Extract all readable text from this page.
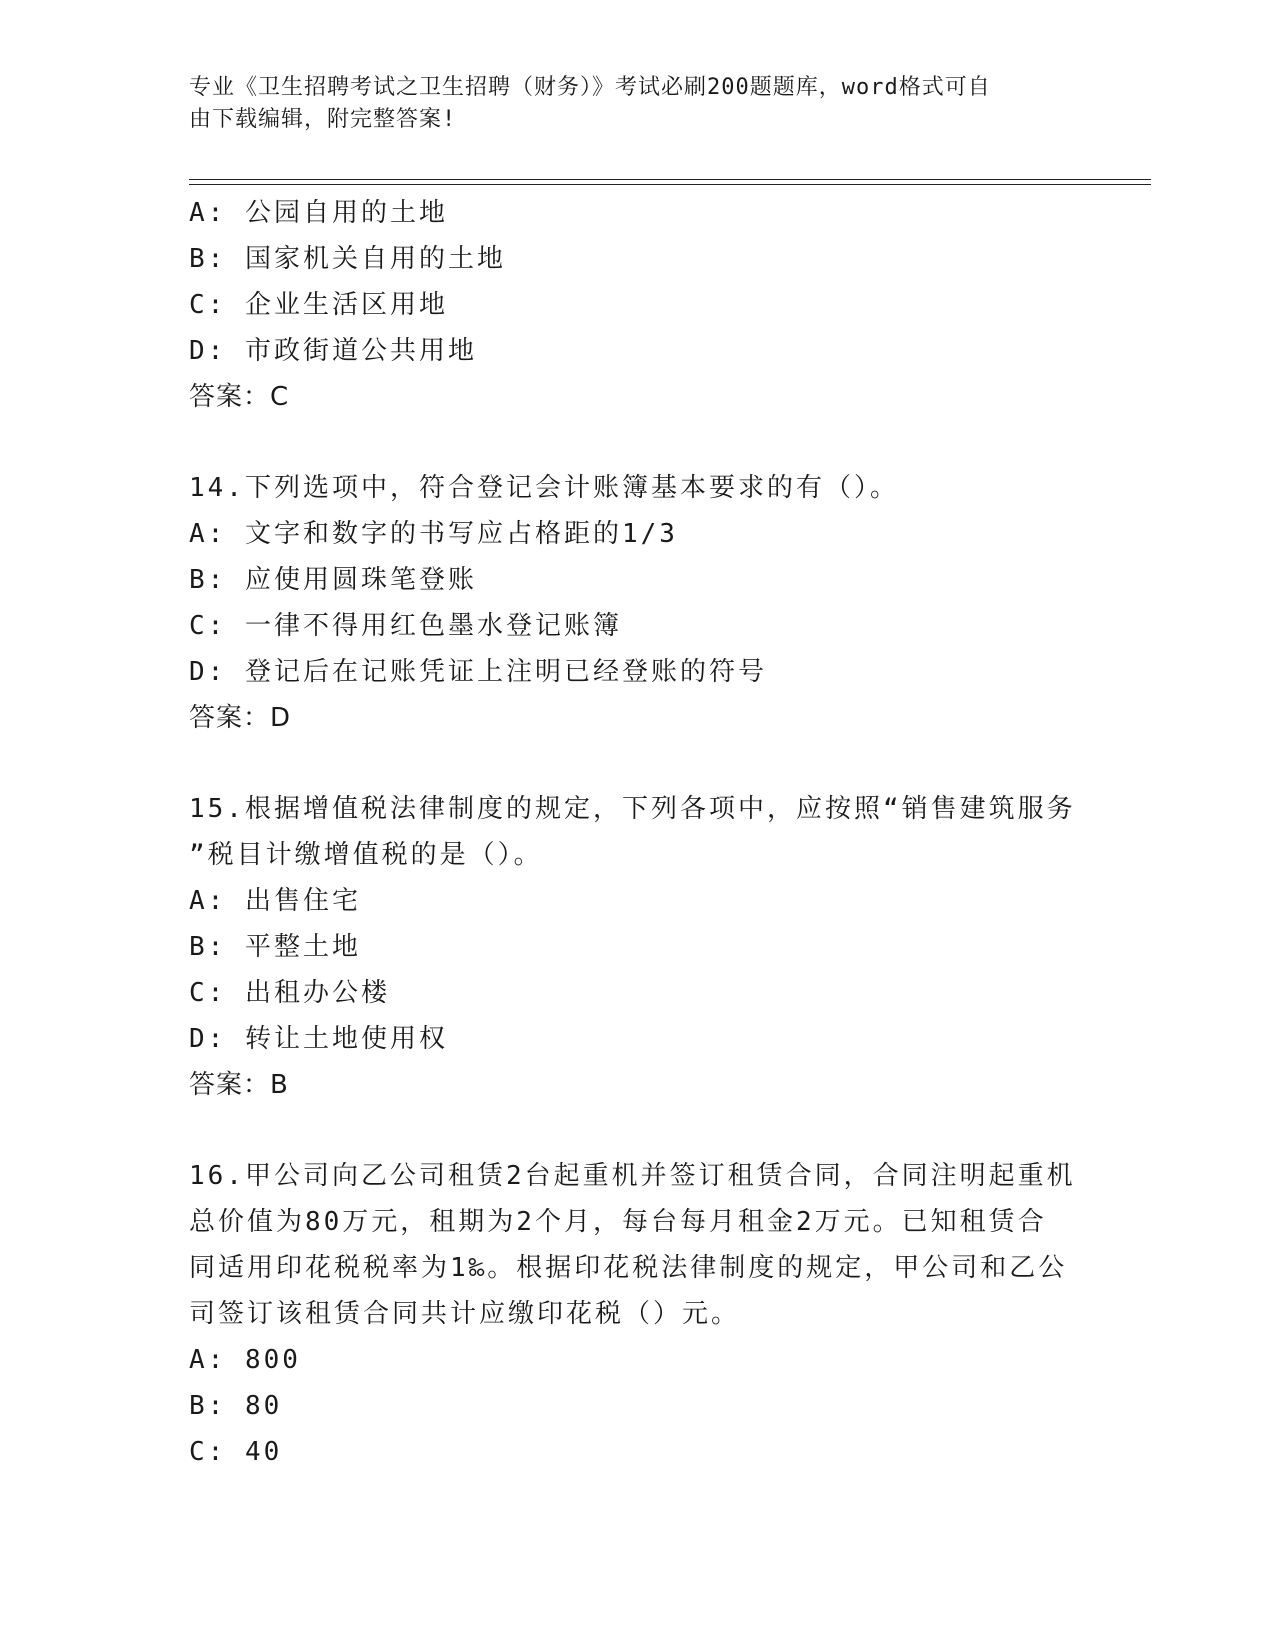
专业《卫生招聘考试之卫生招聘（财务）》考试必刷200题题库，word格式可自
由下载编辑，附完整答案!
A: 公园自用的土地
B: 国家机关自用的土地
C: 企业生活区用地
D: 市政街道公共用地
答案：C
14.下列选项中，符合登记会计账簿基本要求的有（）。
A: 文字和数字的书写应占格距的1/3
B: 应使用圆珠笔登账
C: 一律不得用红色墨水登记账簿
D: 登记后在记账凭证上注明已经登账的符号
答案：D
15.根据增值税法律制度的规定，下列各项中，应按照“销售建筑服务
”税目计缴增值税的是（）。
A: 出售住宅
B: 平整土地
C: 出租办公楼
D: 转让土地使用权
答案：B
16.甲公司向乙公司租赁2台起重机并签订租赁合同，合同注明起重机
总价值为80万元，租期为2个月，每台每月租金2万元。已知租赁合
同适用印花税税率为1‰。根据印花税法律制度的规定，甲公司和乙公
司签订该租赁合同共计应缴印花税（）元。
A: 800
B: 80
C: 40
